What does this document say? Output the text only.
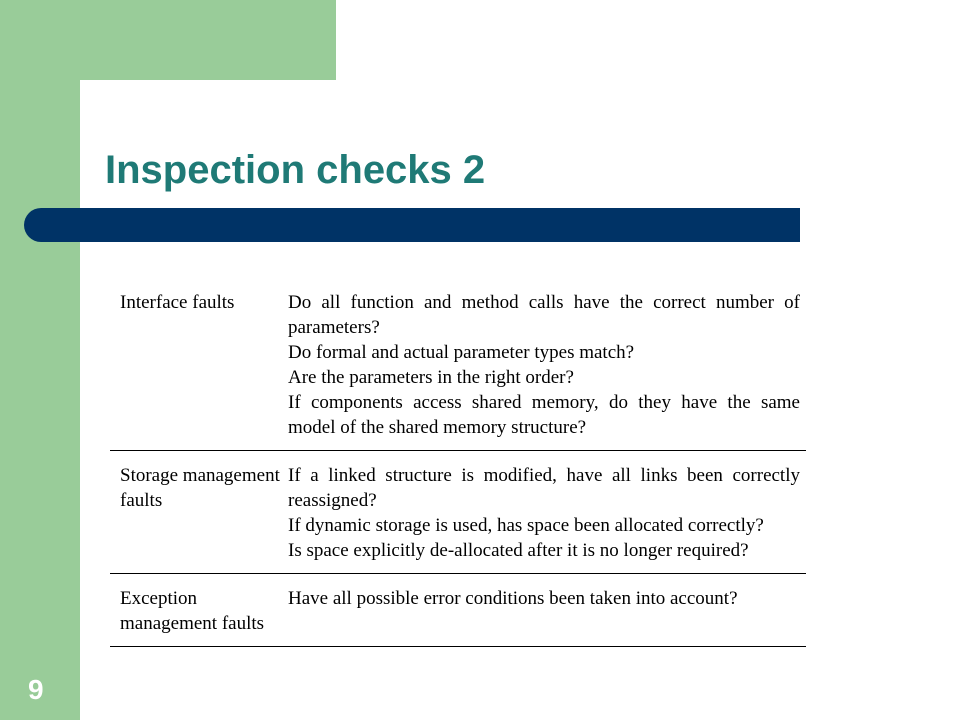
Inspection checks 2
Interface faults	Do all function and method calls have the correct number of parameters?
Do formal and actual parameter types match?
Are the parameters in the right order?
If components access shared memory, do they have the same model of the shared memory structure?
Storage management faults
If a linked structure is modified, have all links been correctly reassigned?
If dynamic storage is used, has space been allocated correctly?
Is space explicitly de-allocated after it is no longer required?
Exception management faults
Have all possible error conditions been taken into account?
9
